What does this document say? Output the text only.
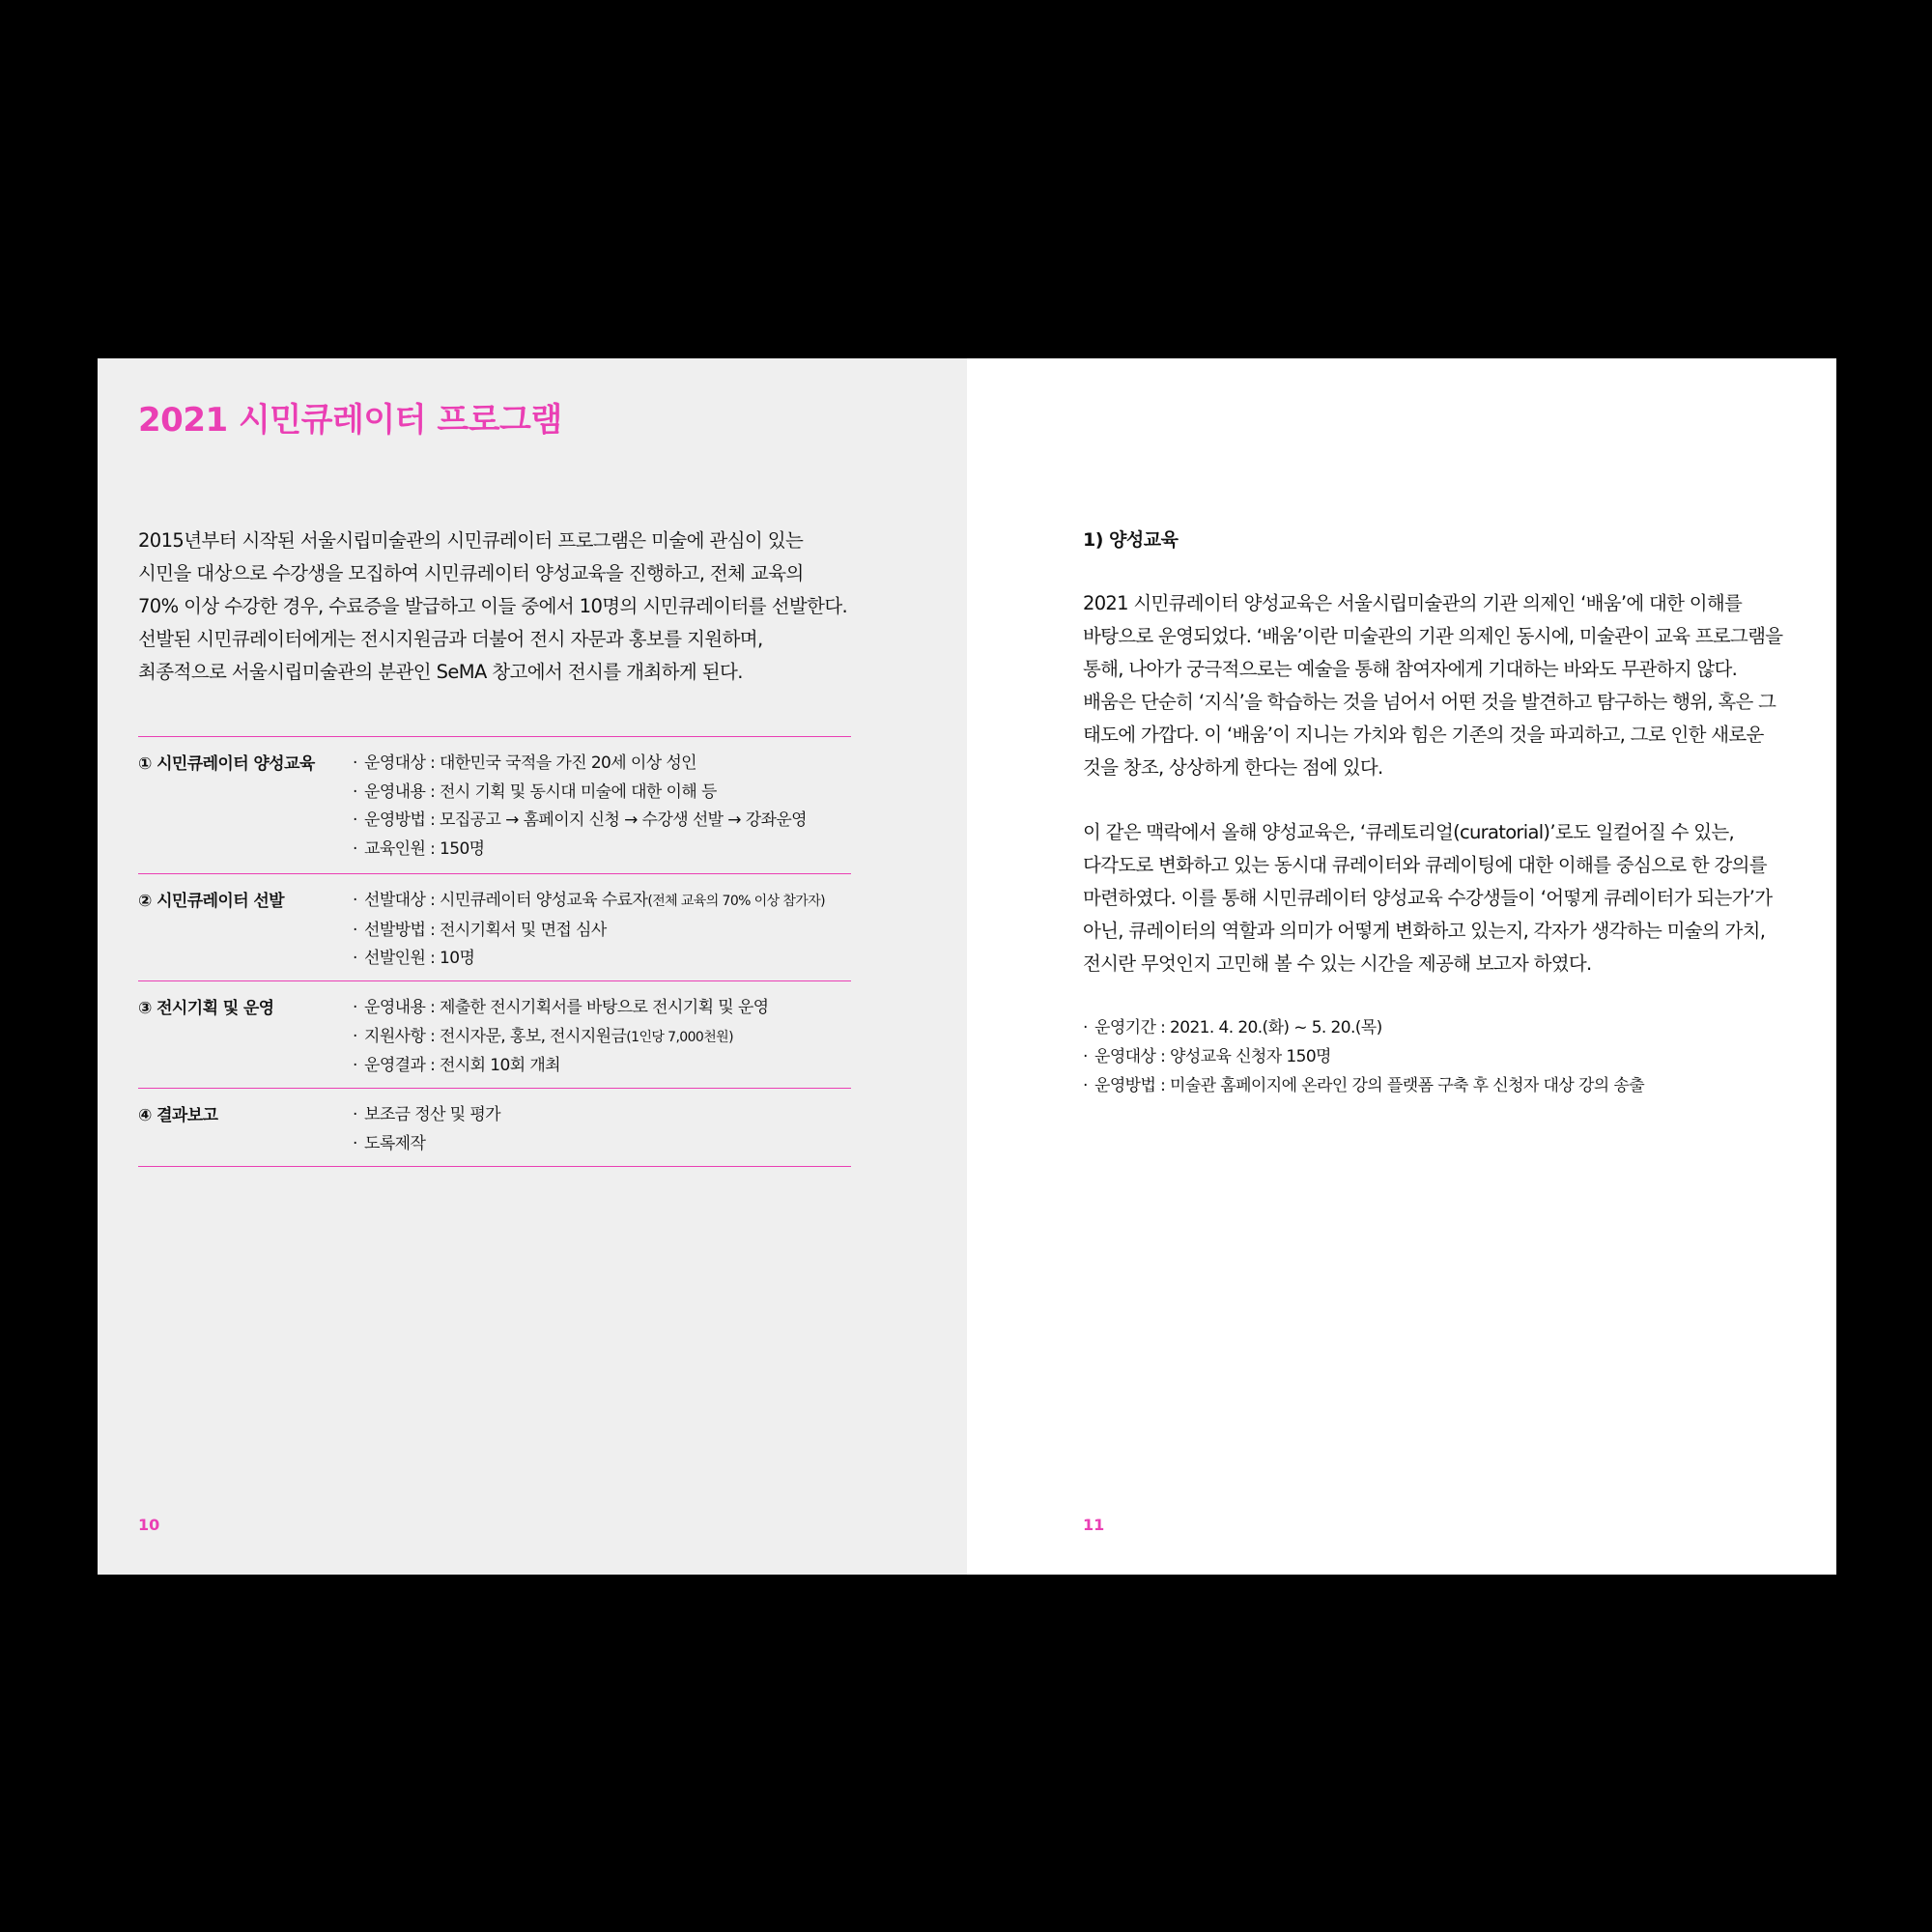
2021 시민큐레이터 프로그램
2015년부터 시작된 서울시립미술관의 시민큐레이터 프로그램은 미술에 관심이 있는
시민을 대상으로 수강생을 모집하여 시민큐레이터 양성교육을 진행하고, 전체 교육의
70% 이상 수강한 경우, 수료증을 발급하고 이들 중에서 10명의 시민큐레이터를 선발한다.
선발된 시민큐레이터에게는 전시지원금과 더불어 전시 자문과 홍보를 지원하며,
최종적으로 서울시립미술관의 분관인 SeMA 창고에서 전시를 개최하게 된다.
① 시민큐레이터 양성교육 · 운영대상 : 대한민국 국적을 가진 20세 이상 성인
· 운영내용 : 전시 기획 및 동시대 미술에 대한 이해 등
· 운영방법 : 모집공고 → 홈페이지 신청 → 수강생 선발 → 강좌운영
· 교육인원 : 150명
② 시민큐레이터 선발	· 선발대상 : 시민큐레이터 양성교육 수료자(전체 교육의 70% 이상 참가자)
· 선발방법 : 전시기획서 및 면접 심사
· 선발인원 : 10명
③ 전시기획 및 운영	· 운영내용 : 제출한 전시기획서를 바탕으로 전시기획 및 운영
· 지원사항 : 전시자문, 홍보, 전시지원금(1인당 7,000천원)
· 운영결과 : 전시회 10회 개최
④ 결과보고	· 보조금 정산 및 평가
· 도록제작
10
1) 양성교육
2021 시민큐레이터 양성교육은 서울시립미술관의 기관 의제인 ‘배움’에 대한 이해를
바탕으로 운영되었다. ‘배움’이란 미술관의 기관 의제인 동시에, 미술관이 교육 프로그램을
통해, 나아가 궁극적으로는 예술을 통해 참여자에게 기대하는 바와도 무관하지 않다.
배움은 단순히 ‘지식’을 학습하는 것을 넘어서 어떤 것을 발견하고 탐구하는 행위, 혹은 그
태도에 가깝다. 이 ‘배움’이 지니는 가치와 힘은 기존의 것을 파괴하고, 그로 인한 새로운
것을 창조, 상상하게 한다는 점에 있다.
이 같은 맥락에서 올해 양성교육은, ‘큐레토리얼(curatorial)’로도 일컬어질 수 있는,
다각도로 변화하고 있는 동시대 큐레이터와 큐레이팅에 대한 이해를 중심으로 한 강의를
마련하였다. 이를 통해 시민큐레이터 양성교육 수강생들이 ‘어떻게 큐레이터가 되는가’가
아닌, 큐레이터의 역할과 의미가 어떻게 변화하고 있는지, 각자가 생각하는 미술의 가치,
전시란 무엇인지 고민해 볼 수 있는 시간을 제공해 보고자 하였다.
· 운영기간 : 2021. 4. 20.(화) ~ 5. 20.(목)
· 운영대상 : 양성교육 신청자 150명
· 운영방법 : 미술관 홈페이지에 온라인 강의 플랫폼 구축 후 신청자 대상 강의 송출
11
